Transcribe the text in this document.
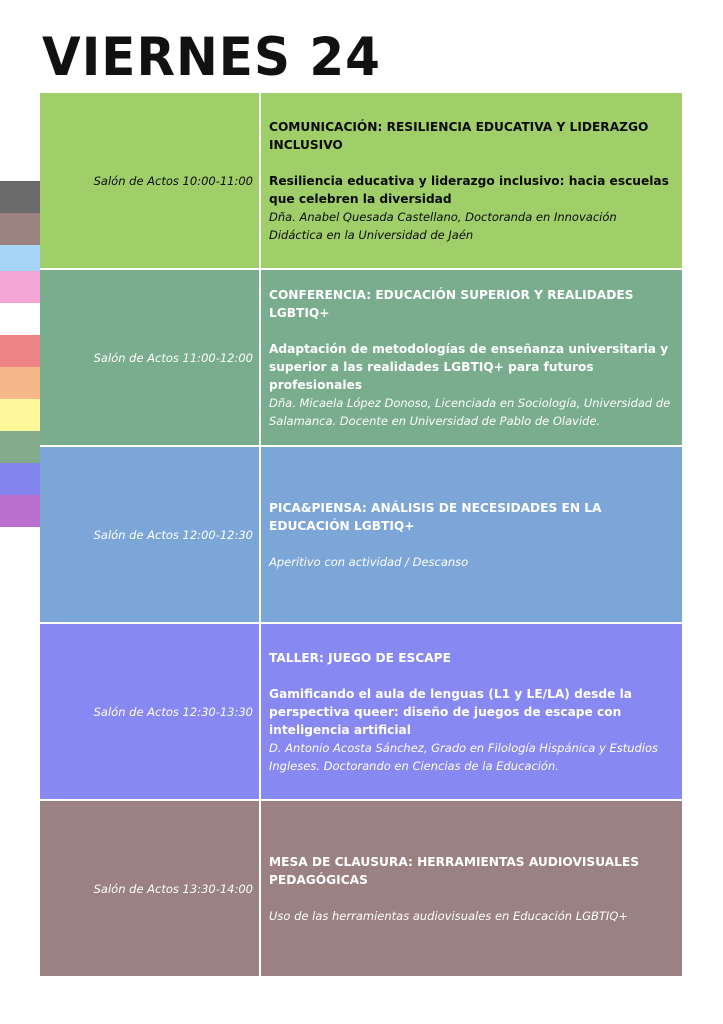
VIERNES 24
Salón de Actos 10:00-11:00

COMUNICACIÓN: RESILIENCIA EDUCATIVA Y LIDERAZGO INCLUSIVO

Resiliencia educativa y liderazgo inclusivo: hacia escuelas que celebren la diversidad

Dña. Anabel Quesada Castellano, Doctoranda en Innovación Didáctica en la Universidad de Jaén

Salón de Actos 11:00-12:00

CONFERENCIA: EDUCACIÓN SUPERIOR Y REALIDADES LGBTIQ+

Adaptación de metodologías de enseñanza universitaria y superior a las realidades LGBTIQ+ para futuros profesionales

Dña. Micaela López Donoso, Licenciada en Sociología, Universidad de Salamanca. Docente en Universidad de Pablo de Olavide.

Salón de Actos 12:00-12:30

PICA&PIENSA: ANÁLISIS DE NECESIDADES EN LA EDUCACIÓN LGBTIQ+

Aperitivo con actividad / Descanso

Salón de Actos 12:30-13:30

TALLER: JUEGO DE ESCAPE

Gamificando el aula de lenguas (L1 y LE/LA) desde la perspectiva queer: diseño de juegos de escape con inteligencia artificial

D. Antonio Acosta Sánchez, Grado en Filología Hispánica y Estudios Ingleses. Doctorando en Ciencias de la Educación.

Salón de Actos 13:30-14:00

MESA DE CLAUSURA: HERRAMIENTAS AUDIOVISUALES PEDAGÓGICAS

Uso de las herramientas audiovisuales en Educación LGBTIQ+
